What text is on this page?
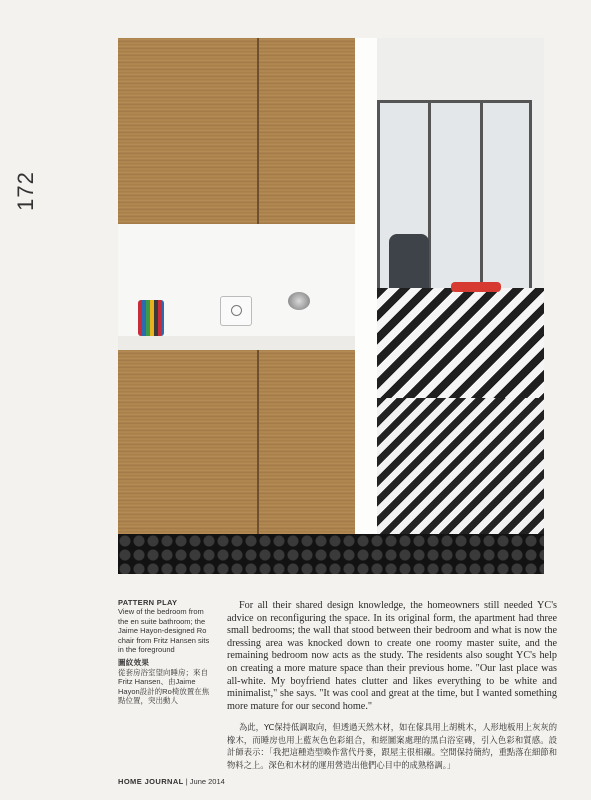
172
PATTERN PLAY
View of the bedroom from the en suite bathroom; the Jaime Hayon-designed Ro chair from Fritz Hansen sits in the foreground
圖紋效果
從套房浴室望向睡房；來自Fritz Hansen、由Jaime Hayon設計的Ro椅放置在焦點位置，突出動人

For all their shared design knowledge, the homeowners still needed YC's advice on reconfiguring the space. In its original form, the apartment had three small bedrooms; the wall that stood between their bedroom and what is now the dressing area was knocked down to create one roomy master suite, and the remaining bedroom now acts as the study. The residents also sought YC's help on creating a more mature space than their previous home. "Our last place was all-white. My boyfriend hates clutter and likes everything to be white and minimalist," she says. "It was cool and great at the time, but I wanted something more mature for our second home."

為此，YC保持低調取向，但透過天然木材，如在傢具用上胡桃木，人形地板用上灰灰的橡木，而睡房也用上藍灰色色彩組合，和經圖案處理的黑白浴室磚，引入色彩和質感。設計師表示：「我把這種造型喚作當代丹麥，跟屋主很相襯。空間保持簡約，重點落在細節和物料之上。深色和木材的運用營造出他們心目中的成熟格調。」

HOME JOURNAL | June 2014
